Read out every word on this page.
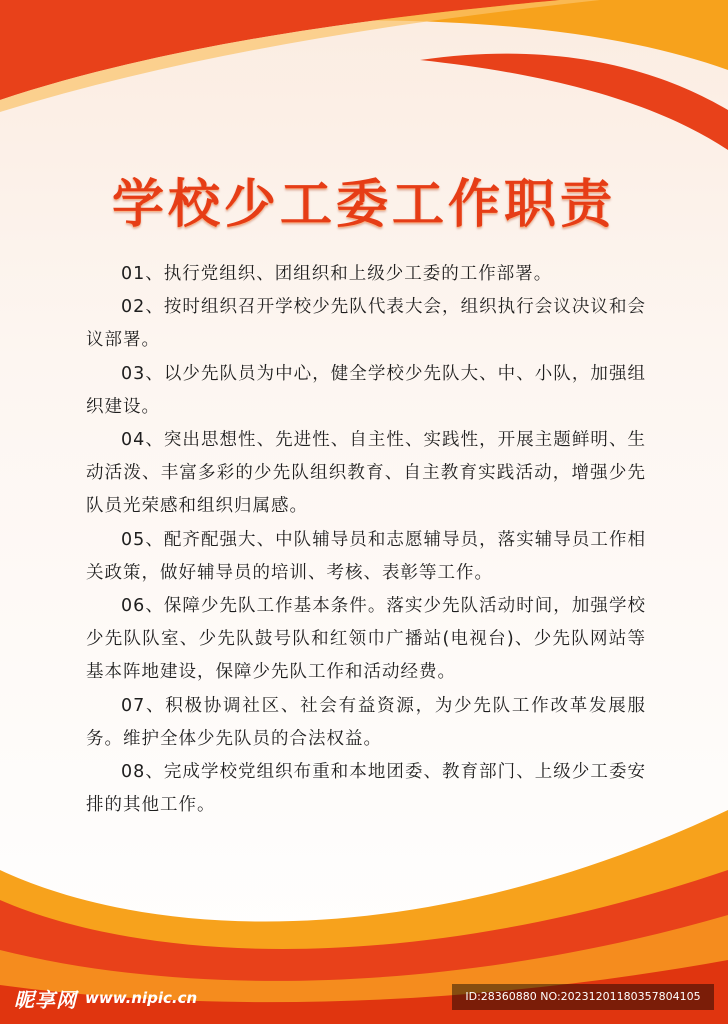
学校少工委工作职责

01、执行党组织、团组织和上级少工委的工作部署。

02、按时组织召开学校少先队代表大会，组织执行会议决议和会议部署。

03、以少先队员为中心，健全学校少先队大、中、小队，加强组织建设。

04、突出思想性、先进性、自主性、实践性，开展主题鲜明、生动活泼、丰富多彩的少先队组织教育、自主教育实践活动，增强少先队员光荣感和组织归属感。

05、配齐配强大、中队辅导员和志愿辅导员，落实辅导员工作相关政策，做好辅导员的培训、考核、表彰等工作。

06、保障少先队工作基本条件。落实少先队活动时间，加强学校少先队队室、少先队鼓号队和红领巾广播站(电视台)、少先队网站等基本阵地建设，保障少先队工作和活动经费。

07、积极协调社区、社会有益资源，为少先队工作改革发展服务。维护全体少先队员的合法权益。

08、完成学校党组织布重和本地团委、教育部门、上级少工委安排的其他工作。

昵享网 www.nipic.cn	ID:28360880 NO:20231201180357804105
